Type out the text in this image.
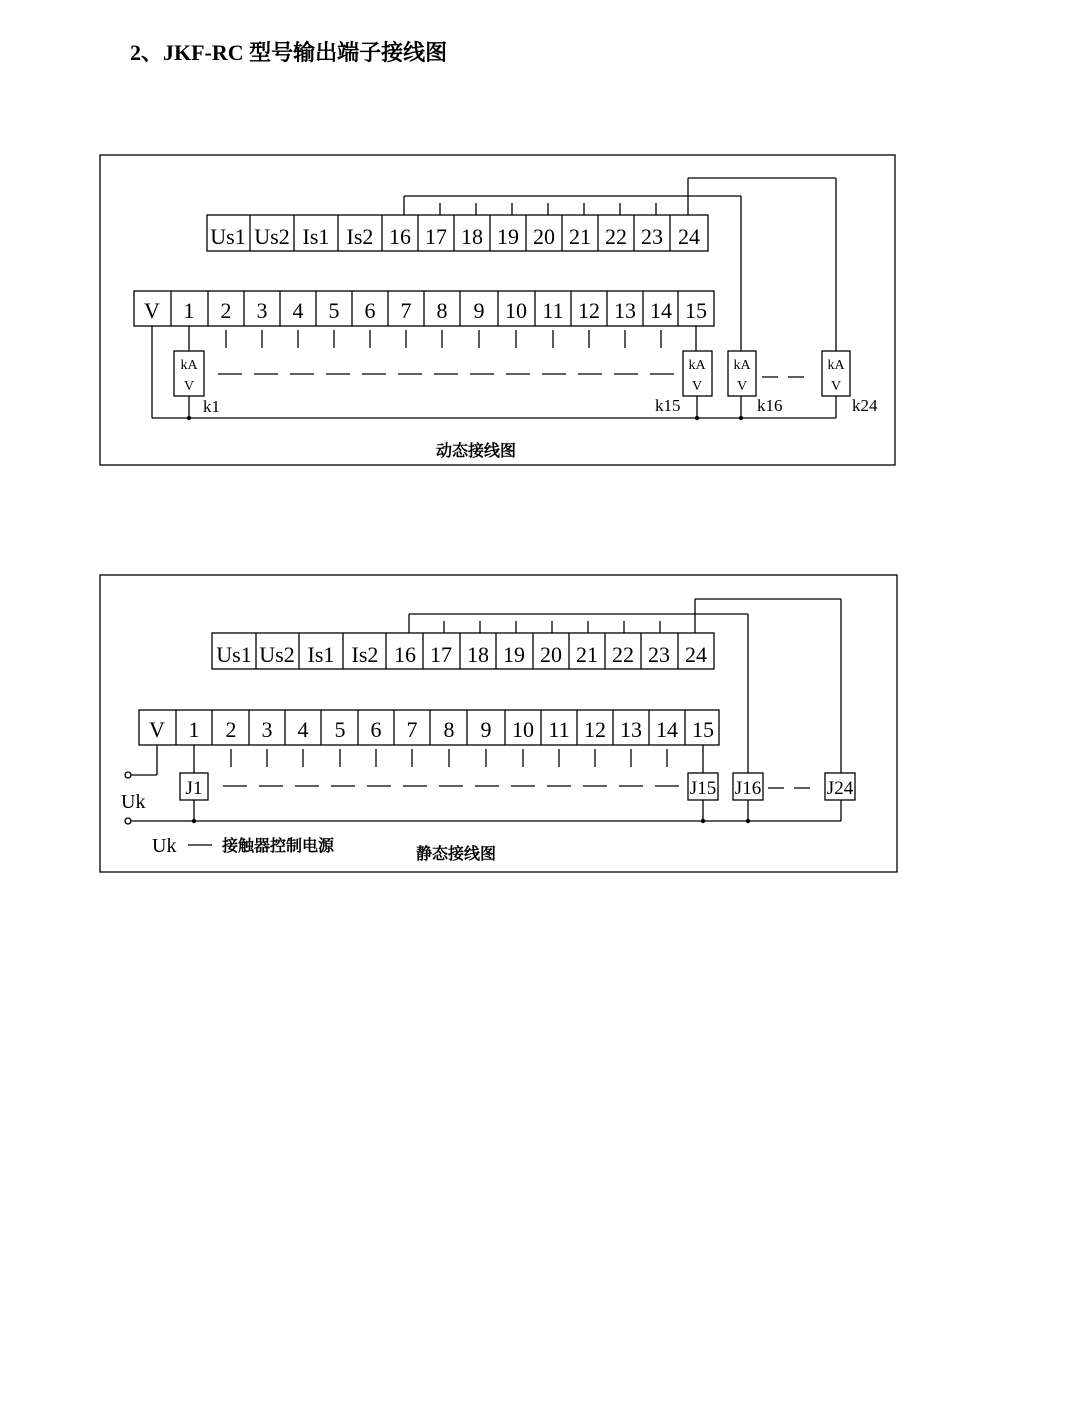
2、JKF-RC 型号输出端子接线图
Us1 Us2 Is1 Is2 16 17 18 19 20 21 22 23 24
V 1 2 3 4 5 6 7 8 9 10 11 12 13 14 15
kA
V
kA
V
kA
V
kA
V
k1	k15	k16	k24
动态接线图
Us1 Us2 Is1 Is2 16 17 18 19 20 21 22 23 24
V 1 2 3 4 5 6 7 8 9 10 11 12 13 14 15
J1	J15 J16	J24
Uk
Uk	接触器控制电源	静态接线图
